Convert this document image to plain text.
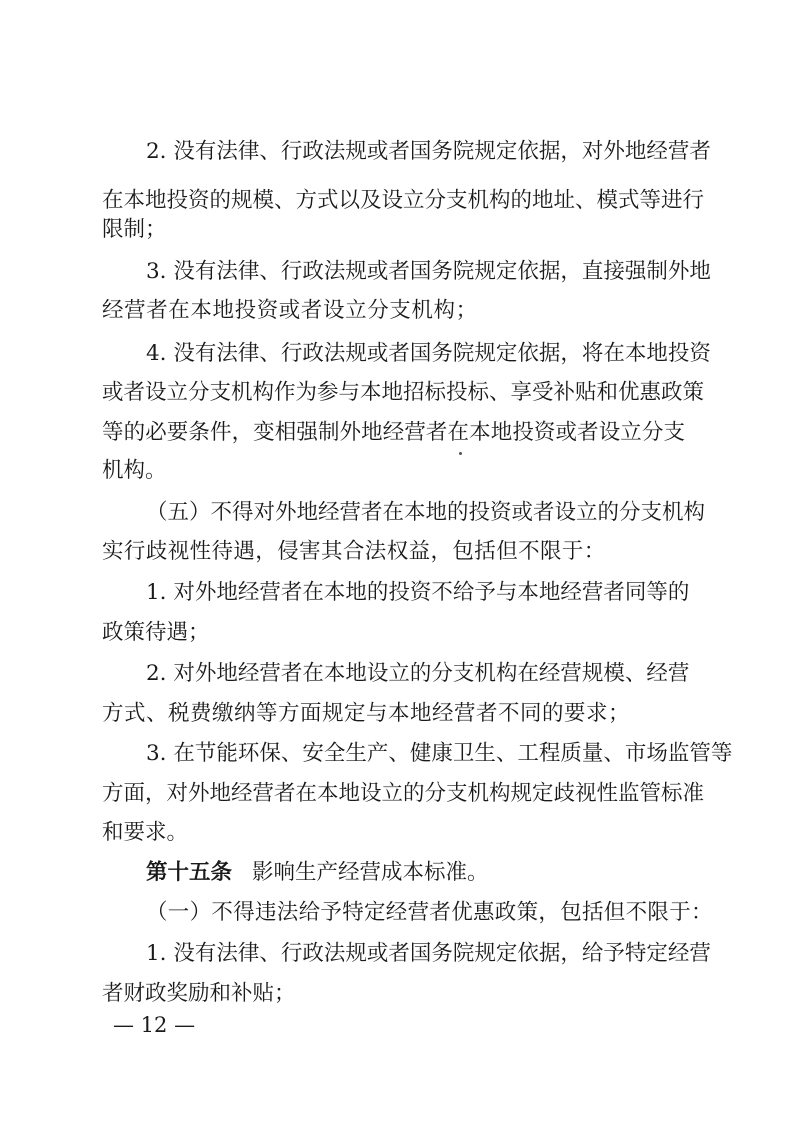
2. 没有法律、行政法规或者国务院规定依据，对外地经营者
在本地投资的规模、方式以及设立分支机构的地址、模式等进行
限制；
3. 没有法律、行政法规或者国务院规定依据，直接强制外地
经营者在本地投资或者设立分支机构；
4. 没有法律、行政法规或者国务院规定依据，将在本地投资
或者设立分支机构作为参与本地招标投标、享受补贴和优惠政策
等的必要条件，变相强制外地经营者在本地投资或者设立分支
机构。
（五）不得对外地经营者在本地的投资或者设立的分支机构
实行歧视性待遇，侵害其合法权益，包括但不限于：
1. 对外地经营者在本地的投资不给予与本地经营者同等的
政策待遇；
2. 对外地经营者在本地设立的分支机构在经营规模、经营
方式、税费缴纳等方面规定与本地经营者不同的要求；
3. 在节能环保、安全生产、健康卫生、工程质量、市场监管等
方面，对外地经营者在本地设立的分支机构规定歧视性监管标准
和要求。
第十五条 影响生产经营成本标准。
（一）不得违法给予特定经营者优惠政策，包括但不限于：
1. 没有法律、行政法规或者国务院规定依据，给予特定经营
者财政奖励和补贴；
— 12 —
